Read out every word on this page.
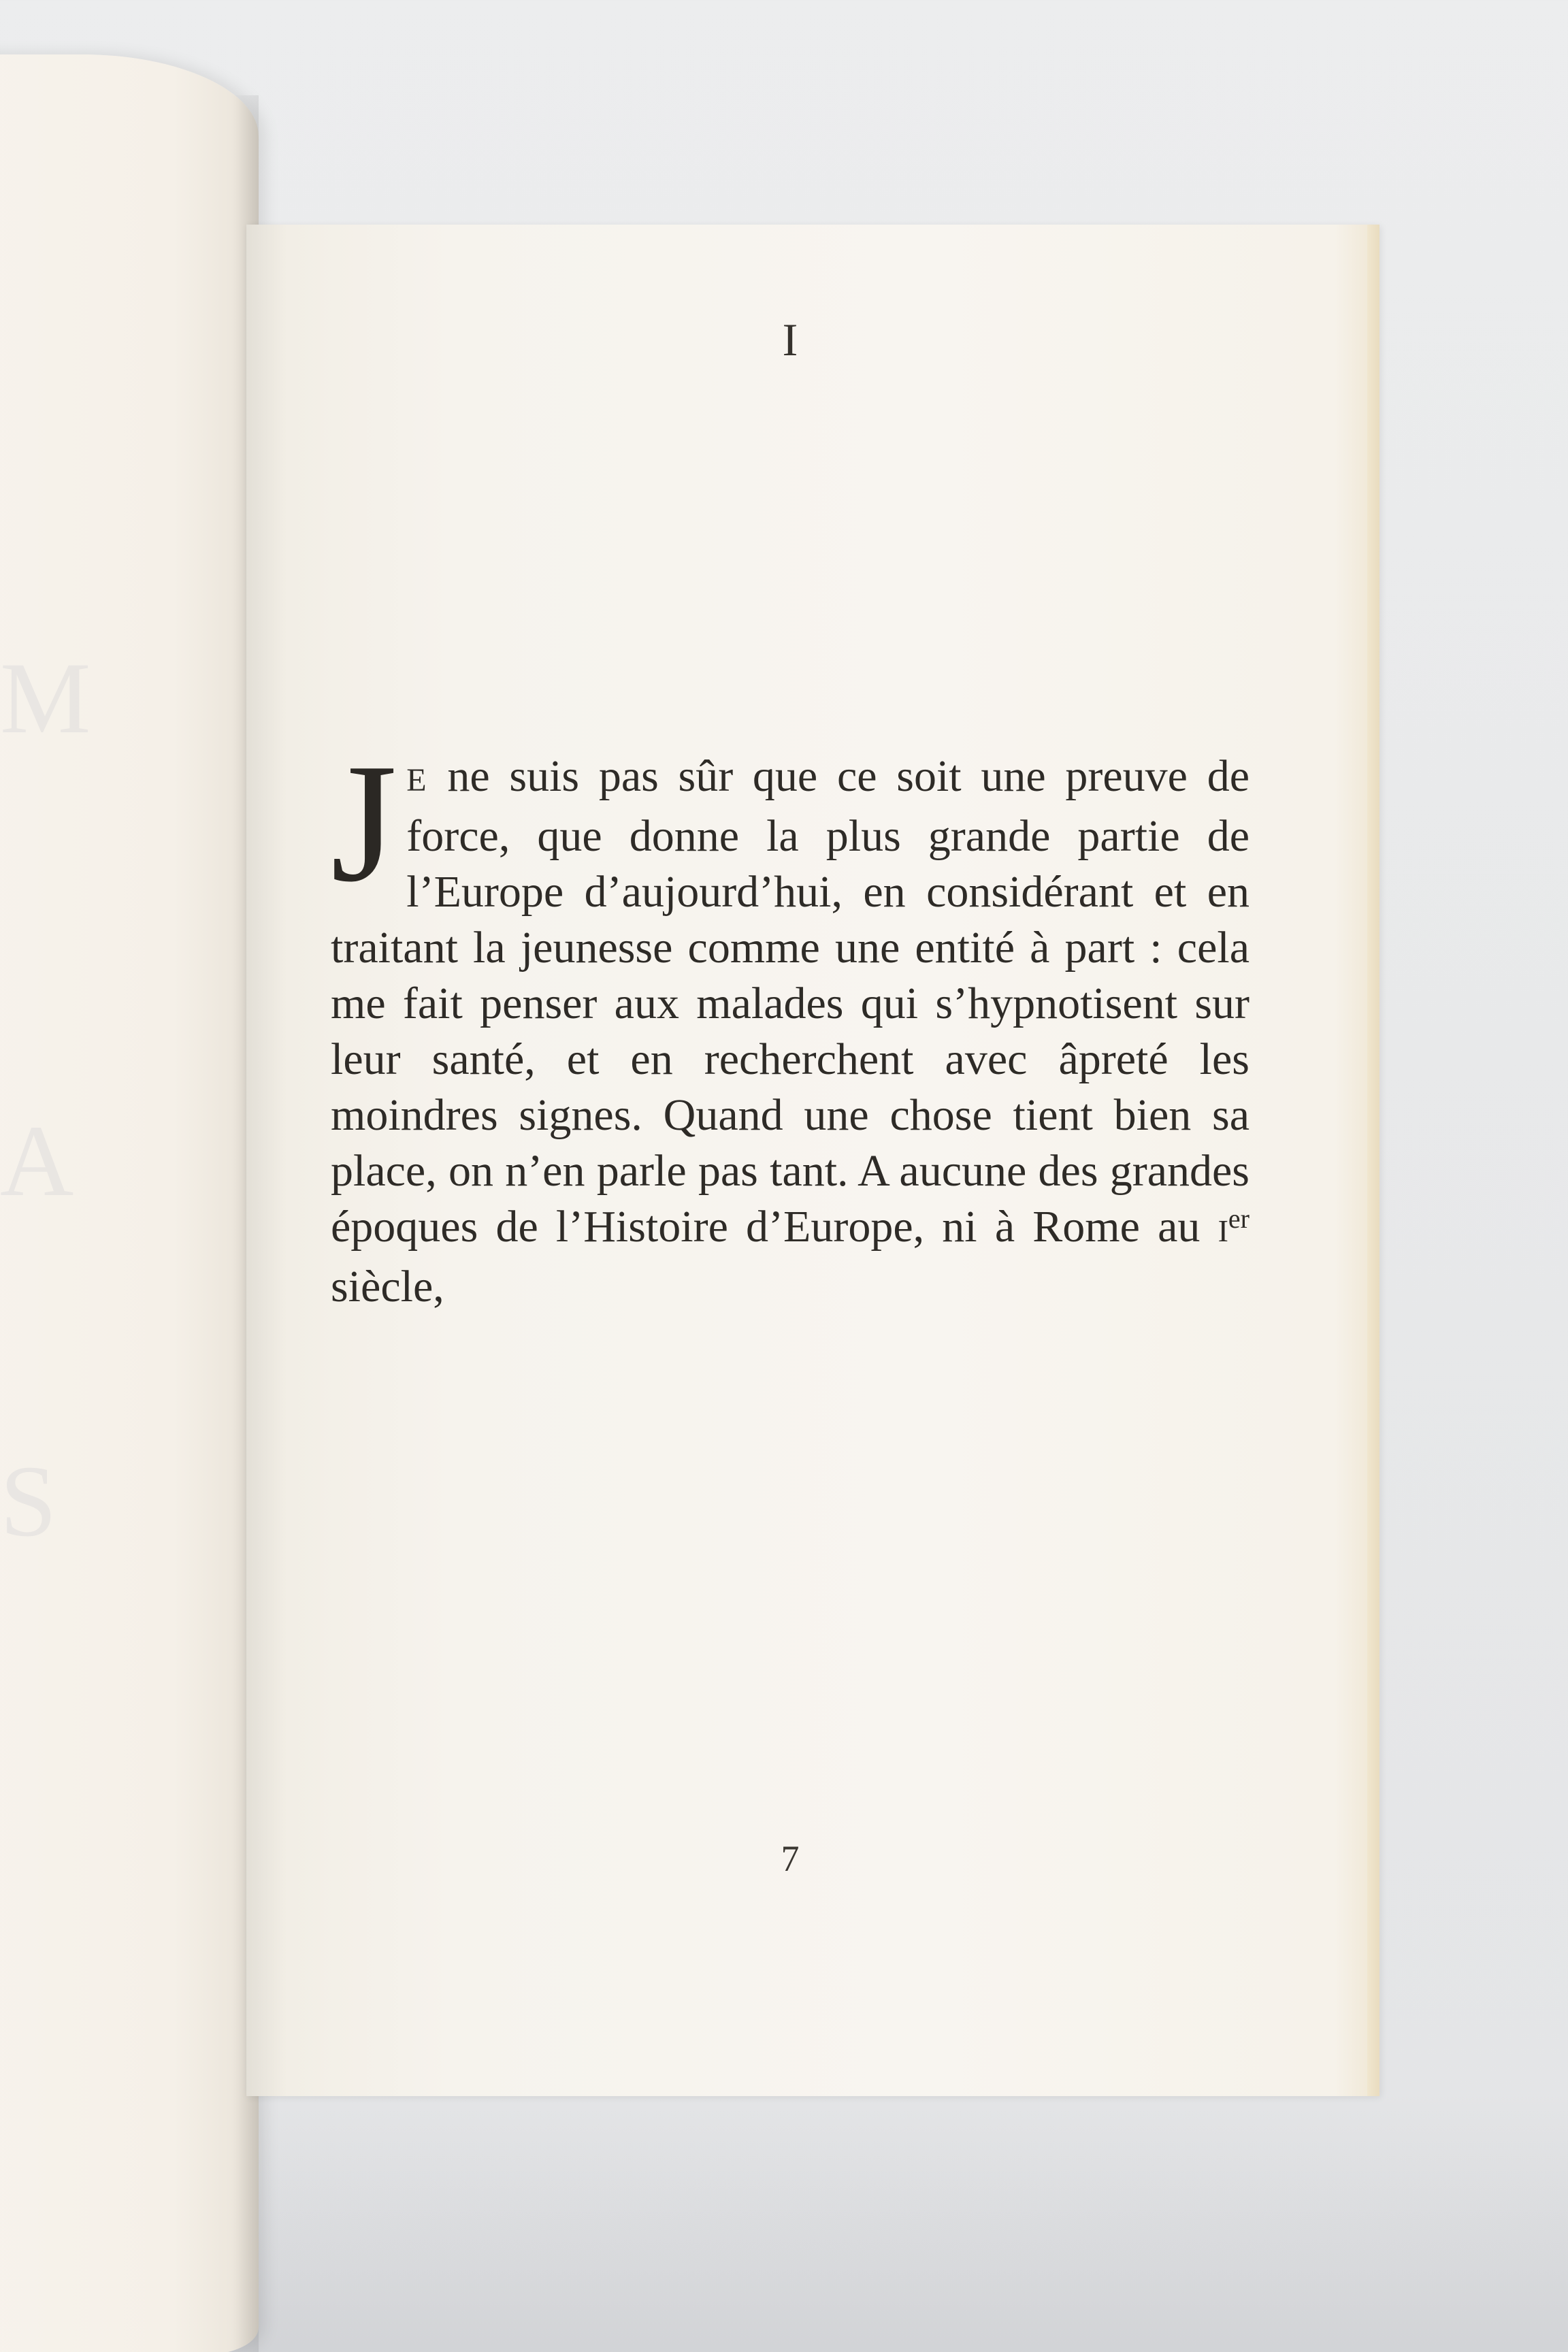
M
A
S
I

J E ne suis pas sûr que ce soit une preuve de force, que donne la plus grande partie de l’Europe d’aujourd’hui, en considérant et en traitant la jeunesse comme une entité à part : cela me fait penser aux malades qui s’hypnotisent sur leur santé, et en recherchent avec âpreté les moindres signes. Quand une chose tient bien sa place, on n’en parle pas tant. A aucune des grandes époques de l’Histoire d’Europe, ni à Rome au Ier siècle,

7
